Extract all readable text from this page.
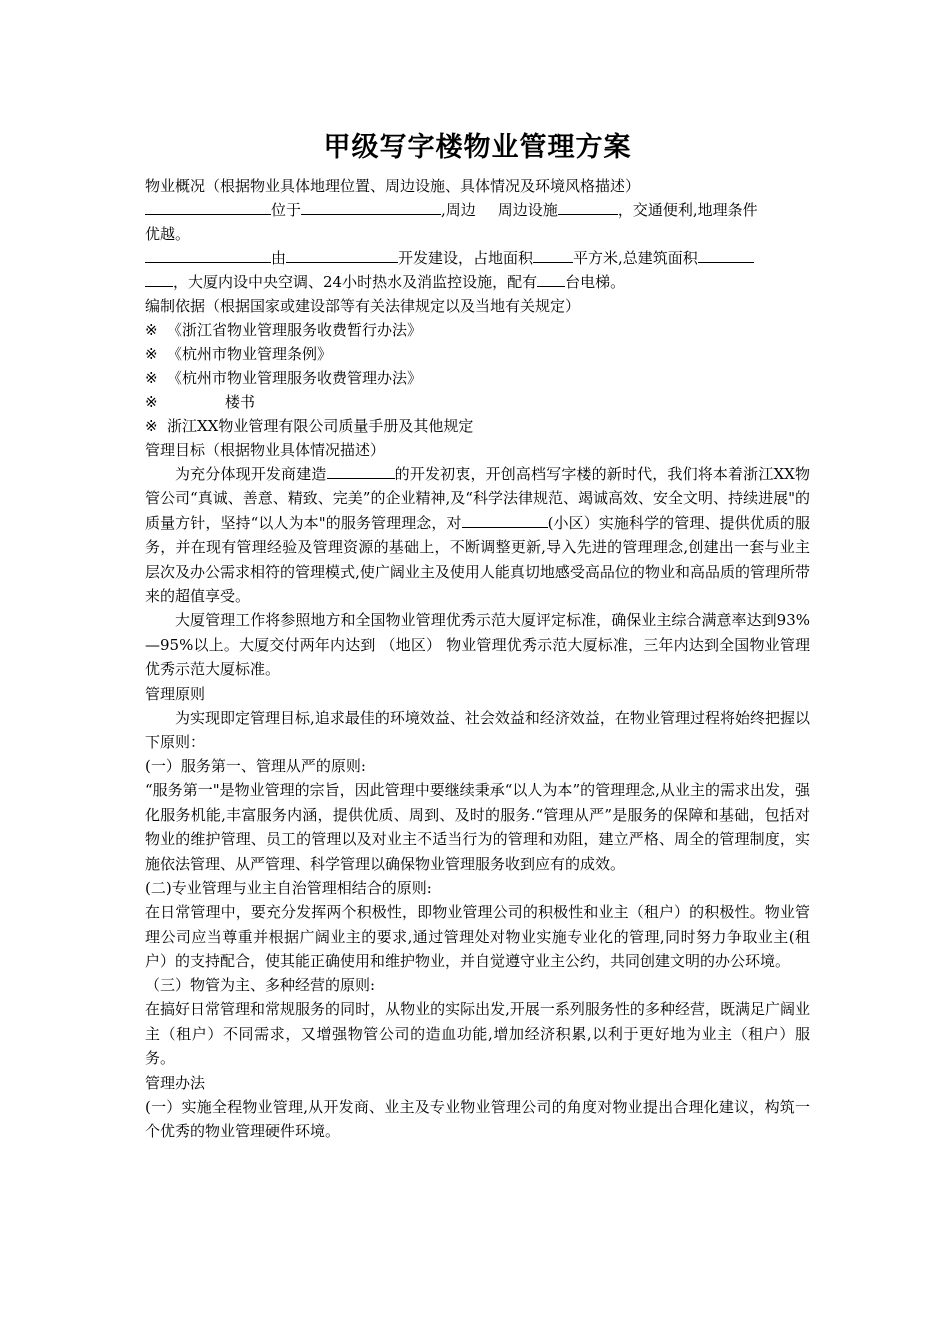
甲级写字楼物业管理方案

物业概况（根据物业具体地理位置、周边设施、具体情况及环境风格描述）

位于	,周边 周边设施	，交通便利,地理条件

优越。

由	开发建设，占地面积	平方米,总建筑面积

，大厦内设中央空调、24小时热水及消监控设施，配有 台电梯。

编制依据（根据国家或建设部等有关法律规定以及当地有关规定）

※ 《浙江省物业管理服务收费暂行办法》

※ 《杭州市物业管理条例》

※ 《杭州市物业管理服务收费管理办法》

※	楼书

※ 浙江XX物业管理有限公司质量手册及其他规定

管理目标（根据物业具体情况描述）

为充分体现开发商建造	的开发初衷，开创高档写字楼的新时代，我们将本着浙江XX物管公司“真诚、善意、精致、完美”的企业精神,及“科学法律规范、竭诚高效、安全文明、持续进展"的质量方针，坚持“以人为本"的服务管理理念，对	(小区）实施科学的管理、提供优质的服务，并在现有管理经验及管理资源的基础上，不断调整更新,导入先进的管理理念,创建出一套与业主层次及办公需求相符的管理模式,使广阔业主及使用人能真切地感受高品位的物业和高品质的管理所带来的超值享受。

大厦管理工作将参照地方和全国物业管理优秀示范大厦评定标准，确保业主综合满意率达到93%—95%以上。大厦交付两年内达到 （地区） 物业管理优秀示范大厦标准，三年内达到全国物业管理优秀示范大厦标准。

管理原则

为实现即定管理目标,追求最佳的环境效益、社会效益和经济效益，在物业管理过程将始终把握以下原则：

(一）服务第一、管理从严的原则:

“服务第一"是物业管理的宗旨，因此管理中要继续秉承“以人为本”的管理理念,从业主的需求出发，强化服务机能,丰富服务内涵，提供优质、周到、及时的服务.“管理从严”是服务的保障和基础，包括对物业的维护管理、员工的管理以及对业主不适当行为的管理和劝阻，建立严格、周全的管理制度，实施依法管理、从严管理、科学管理以确保物业管理服务收到应有的成效。

(二)专业管理与业主自治管理相结合的原则:

在日常管理中，要充分发挥两个积极性，即物业管理公司的积极性和业主（租户）的积极性。物业管理公司应当尊重并根据广阔业主的要求,通过管理处对物业实施专业化的管理,同时努力争取业主(租户）的支持配合，使其能正确使用和维护物业，并自觉遵守业主公约，共同创建文明的办公环境。

（三）物管为主、多种经营的原则:

在搞好日常管理和常规服务的同时，从物业的实际出发,开展一系列服务性的多种经营，既满足广阔业主（租户）不同需求，又增强物管公司的造血功能,增加经济积累,以利于更好地为业主（租户）服务。

管理办法

(一）实施全程物业管理,从开发商、业主及专业物业管理公司的角度对物业提出合理化建议，构筑一个优秀的物业管理硬件环境。
